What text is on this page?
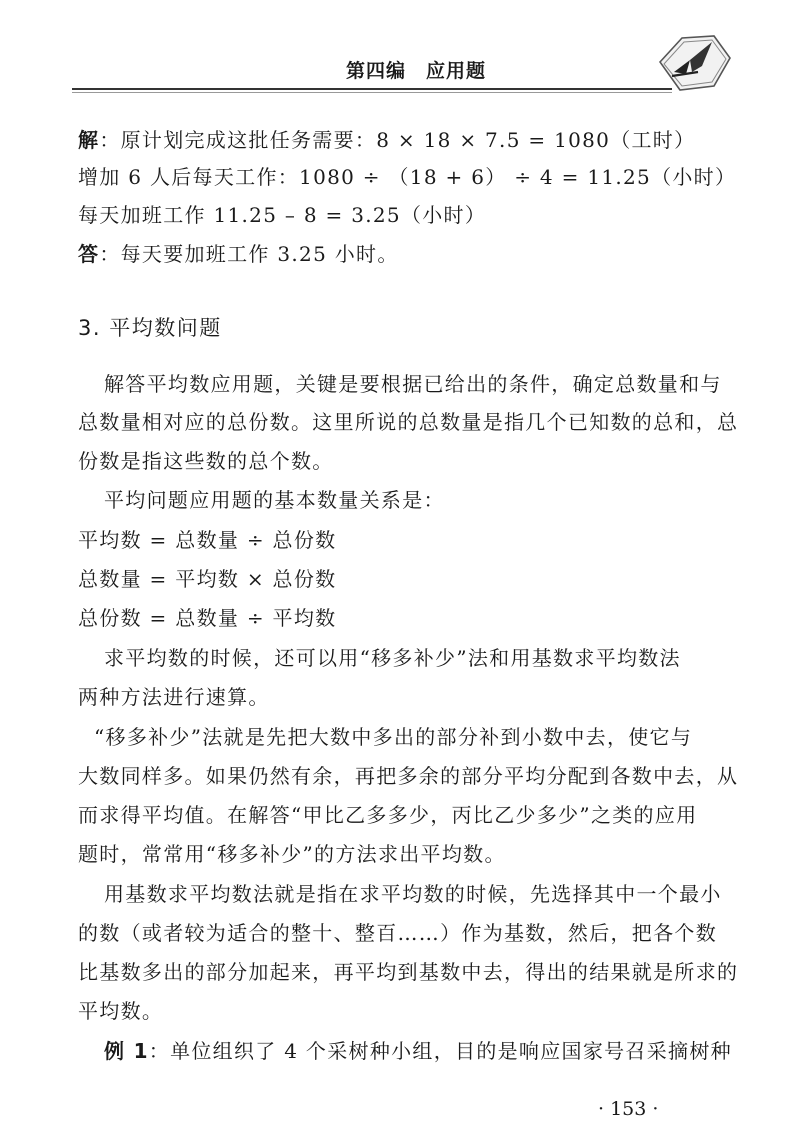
第四编　应用题
解：原计划完成这批任务需要：8 × 18 × 7.5 = 1080（工时）
增加 6 人后每天工作：1080 ÷ （18 + 6） ÷ 4 = 11.25（小时）
每天加班工作 11.25 – 8 = 3.25（小时）
答：每天要加班工作 3.25 小时。
3. 平均数问题
解答平均数应用题，关键是要根据已给出的条件，确定总数量和与
总数量相对应的总份数。这里所说的总数量是指几个已知数的总和，总
份数是指这些数的总个数。
平均问题应用题的基本数量关系是：
平均数 = 总数量 ÷ 总份数
总数量 = 平均数 × 总份数
总份数 = 总数量 ÷ 平均数
求平均数的时候，还可以用“移多补少”法和用基数求平均数法
两种方法进行速算。
“移多补少”法就是先把大数中多出的部分补到小数中去，使它与
大数同样多。如果仍然有余，再把多余的部分平均分配到各数中去，从
而求得平均值。在解答“甲比乙多多少，丙比乙少多少”之类的应用
题时，常常用“移多补少”的方法求出平均数。
用基数求平均数法就是指在求平均数的时候，先选择其中一个最小
的数（或者较为适合的整十、整百……）作为基数，然后，把各个数
比基数多出的部分加起来，再平均到基数中去，得出的结果就是所求的
平均数。
例 1：单位组织了 4 个采树种小组，目的是响应国家号召采摘树种
· 153 ·
